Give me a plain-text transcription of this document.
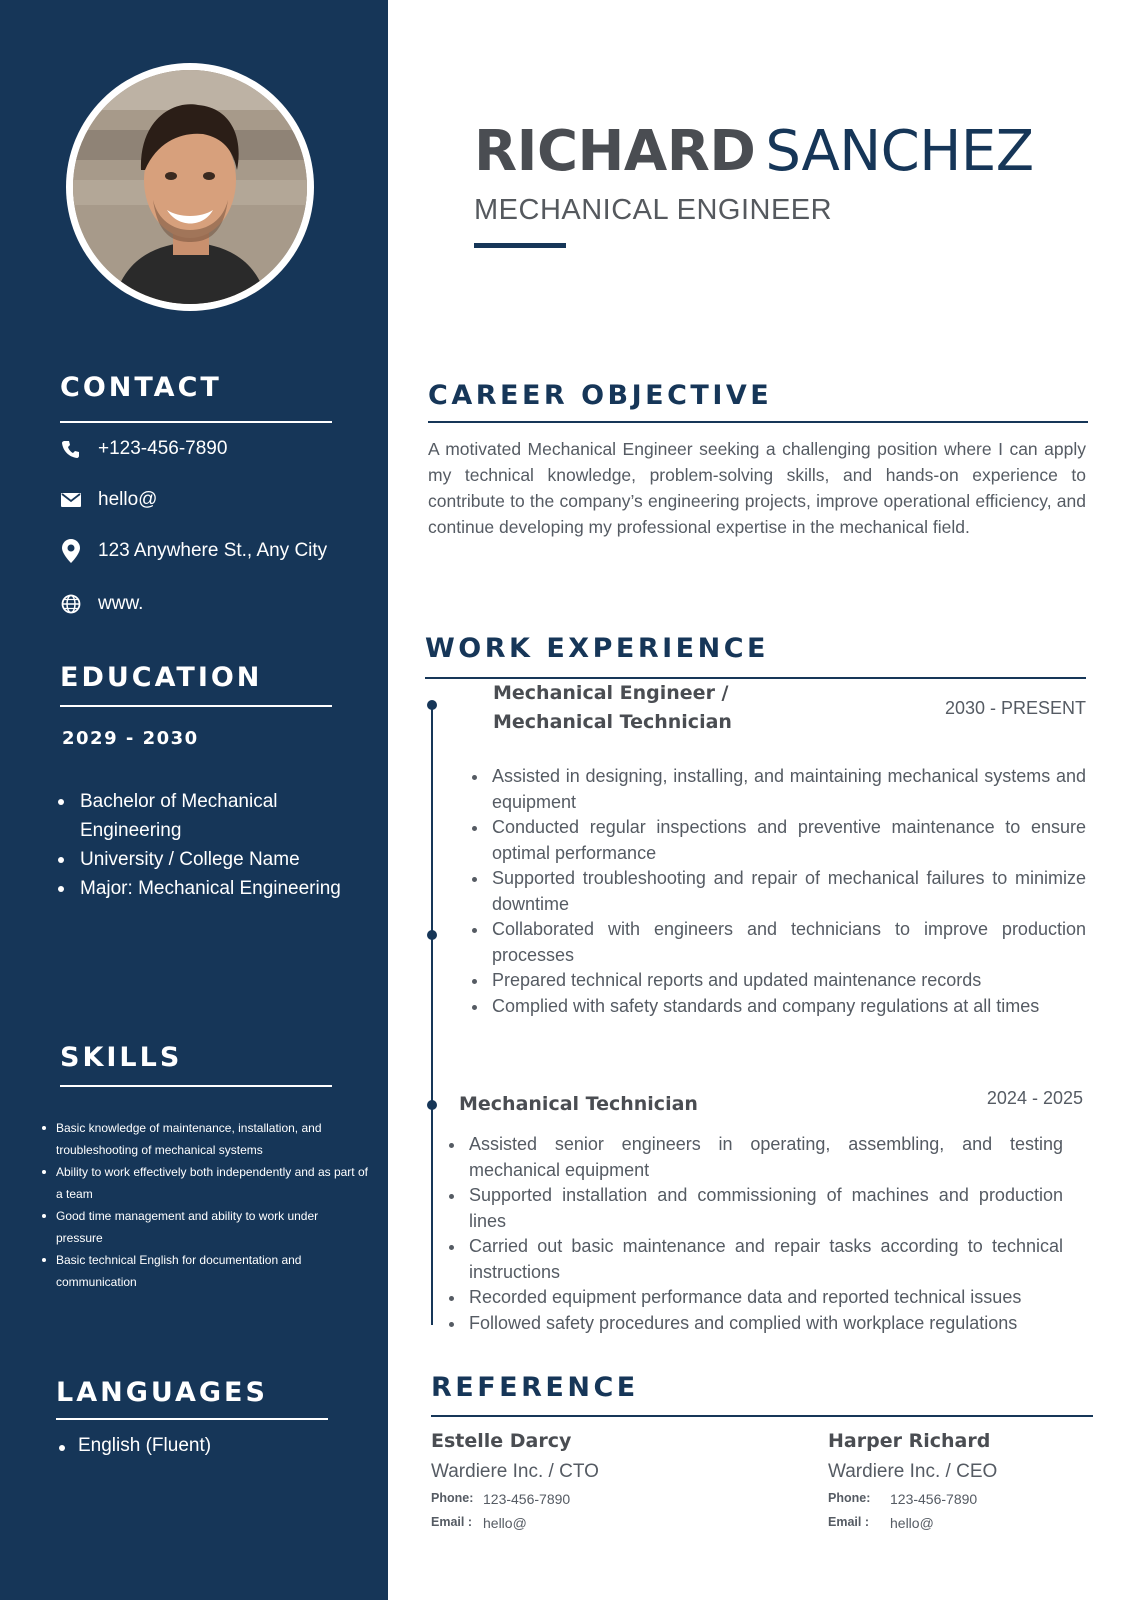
CONTACT
+123-456-7890
hello@
123 Anywhere St., Any City
www.
EDUCATION
2029 - 2030
Bachelor of Mechanical Engineering
University / College Name
Major: Mechanical Engineering
SKILLS
Basic knowledge of maintenance, installation, and troubleshooting of mechanical systems
Ability to work effectively both independently and as part of a team
Good time management and ability to work under pressure
Basic technical English for documentation and communication
LANGUAGES
English (Fluent)
RICHARD SANCHEZ
MECHANICAL ENGINEER
CAREER OBJECTIVE
A motivated Mechanical Engineer seeking a challenging position where I can apply my technical knowledge, problem-solving skills, and hands-on experience to contribute to the company’s engineering projects, improve operational efficiency, and continue developing my professional expertise in the mechanical field.
WORK EXPERIENCE
Mechanical Engineer /
Mechanical Technician
2030 - PRESENT
Assisted in designing, installing, and maintaining mechanical systems and equipment
Conducted regular inspections and preventive maintenance to ensure optimal performance
Supported troubleshooting and repair of mechanical failures to minimize downtime
Collaborated with engineers and technicians to improve production processes
Prepared technical reports and updated maintenance records
Complied with safety standards and company regulations at all times
Mechanical Technician	2024 - 2025
Assisted senior engineers in operating, assembling, and testing mechanical equipment
Supported installation and commissioning of machines and production lines
Carried out basic maintenance and repair tasks according to technical instructions
Recorded equipment performance data and reported technical issues
Followed safety procedures and complied with workplace regulations
REFERENCE
Estelle Darcy
Wardiere Inc. / CTO
Phone: 123-456-7890
Email : hello@
Harper Richard
Wardiere Inc. / CEO
Phone:	123-456-7890
Email :	hello@
